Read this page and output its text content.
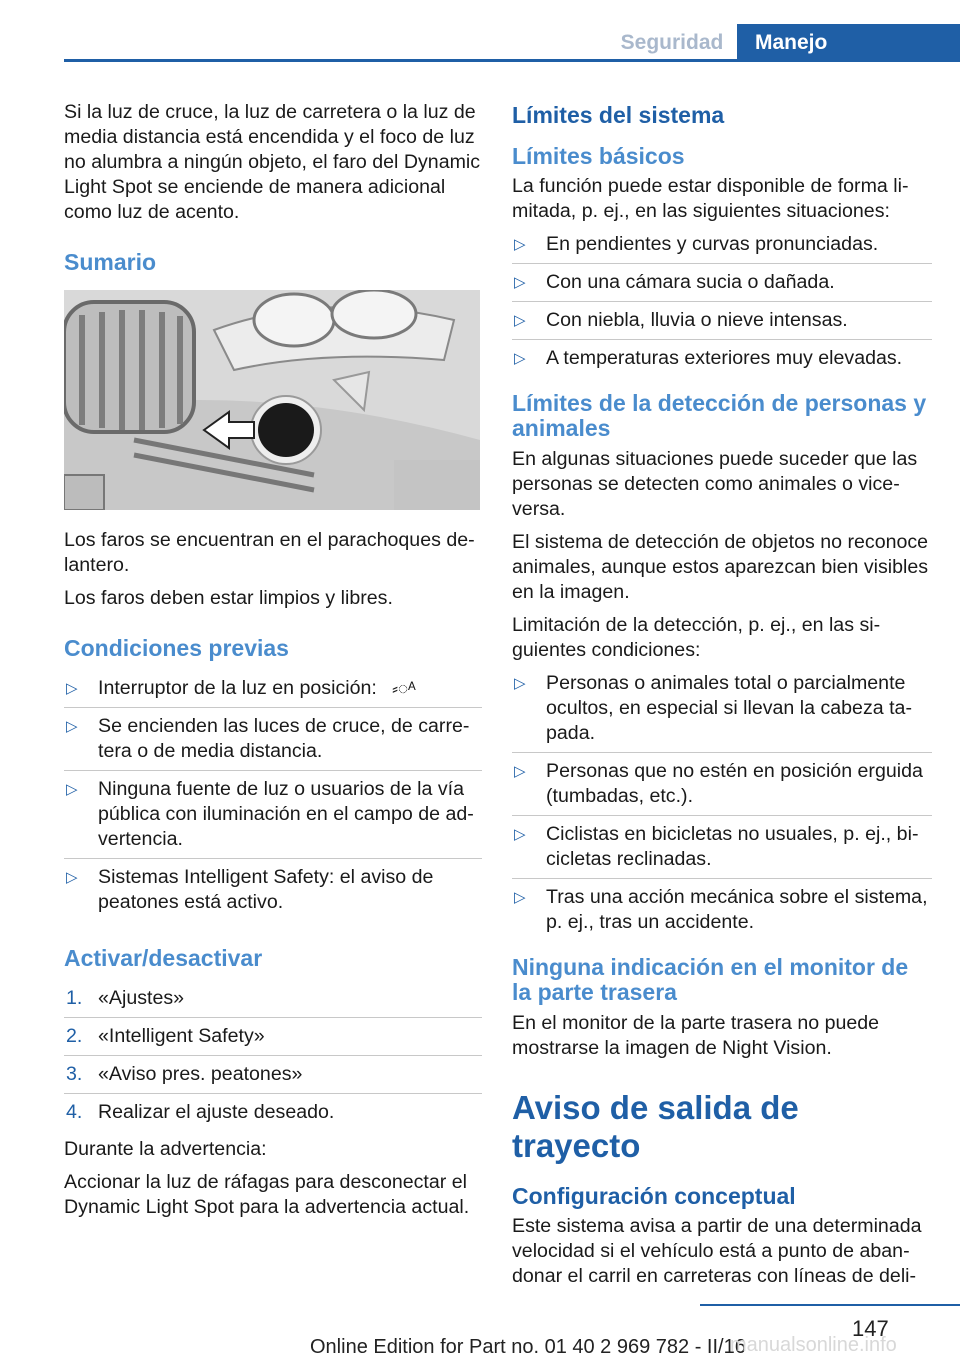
Seguridad	Manejo

Si la luz de cruce, la luz de carretera o la luz de media distancia está encendida y el foco de luz no alumbra a ningún objeto, el faro del Dynamic Light Spot se enciende de manera adicional como luz de acento.

Sumario

Los faros se encuentran en el parachoques delantero.

Los faros deben estar limpios y libres.

Condiciones previas
▷ Interruptor de la luz en posición: ⸗◌ᴬ
▷ Se encienden las luces de cruce, de carretera o de media distancia.
▷ Ninguna fuente de luz o usuarios de la vía pública con iluminación en el campo de advertencia.
▷ Sistemas Intelligent Safety: el aviso de peatones está activo.
Activar/desactivar
1. «Ajustes»
2. «Intelligent Safety»
3. «Aviso pres. peatones»
4. Realizar el ajuste deseado.

Durante la advertencia:

Accionar la luz de ráfagas para desconectar el Dynamic Light Spot para la advertencia actual.

Límites del sistema
Límites básicos

La función puede estar disponible de forma limitada, p. ej., en las siguientes situaciones:

▷ En pendientes y curvas pronunciadas.
▷ Con una cámara sucia o dañada.
▷ Con niebla, lluvia o nieve intensas.
▷ A temperaturas exteriores muy elevadas.
Límites de la detección de personas y animales

En algunas situaciones puede suceder que las personas se detecten como animales o viceversa.

El sistema de detección de objetos no reconoce animales, aunque estos aparezcan bien visibles en la imagen.

Limitación de la detección, p. ej., en las siguientes condiciones:

▷ Personas o animales total o parcialmente ocultos, en especial si llevan la cabeza tapada.
▷ Personas que no estén en posición erguida (tumbadas, etc.).
▷ Ciclistas en bicicletas no usuales, p. ej., bicicletas reclinadas.
▷ Tras una acción mecánica sobre el sistema, p. ej., tras un accidente.
Ninguna indicación en el monitor de la parte trasera

En el monitor de la parte trasera no puede mostrarse la imagen de Night Vision.

Aviso de salida de trayecto
Configuración conceptual

Este sistema avisa a partir de una determinada velocidad si el vehículo está a punto de abandonar el carril en carreteras con líneas de deli-

147
Online Edition for Part no. 01 40 2 969 782 - II/16
manualsonline.info
